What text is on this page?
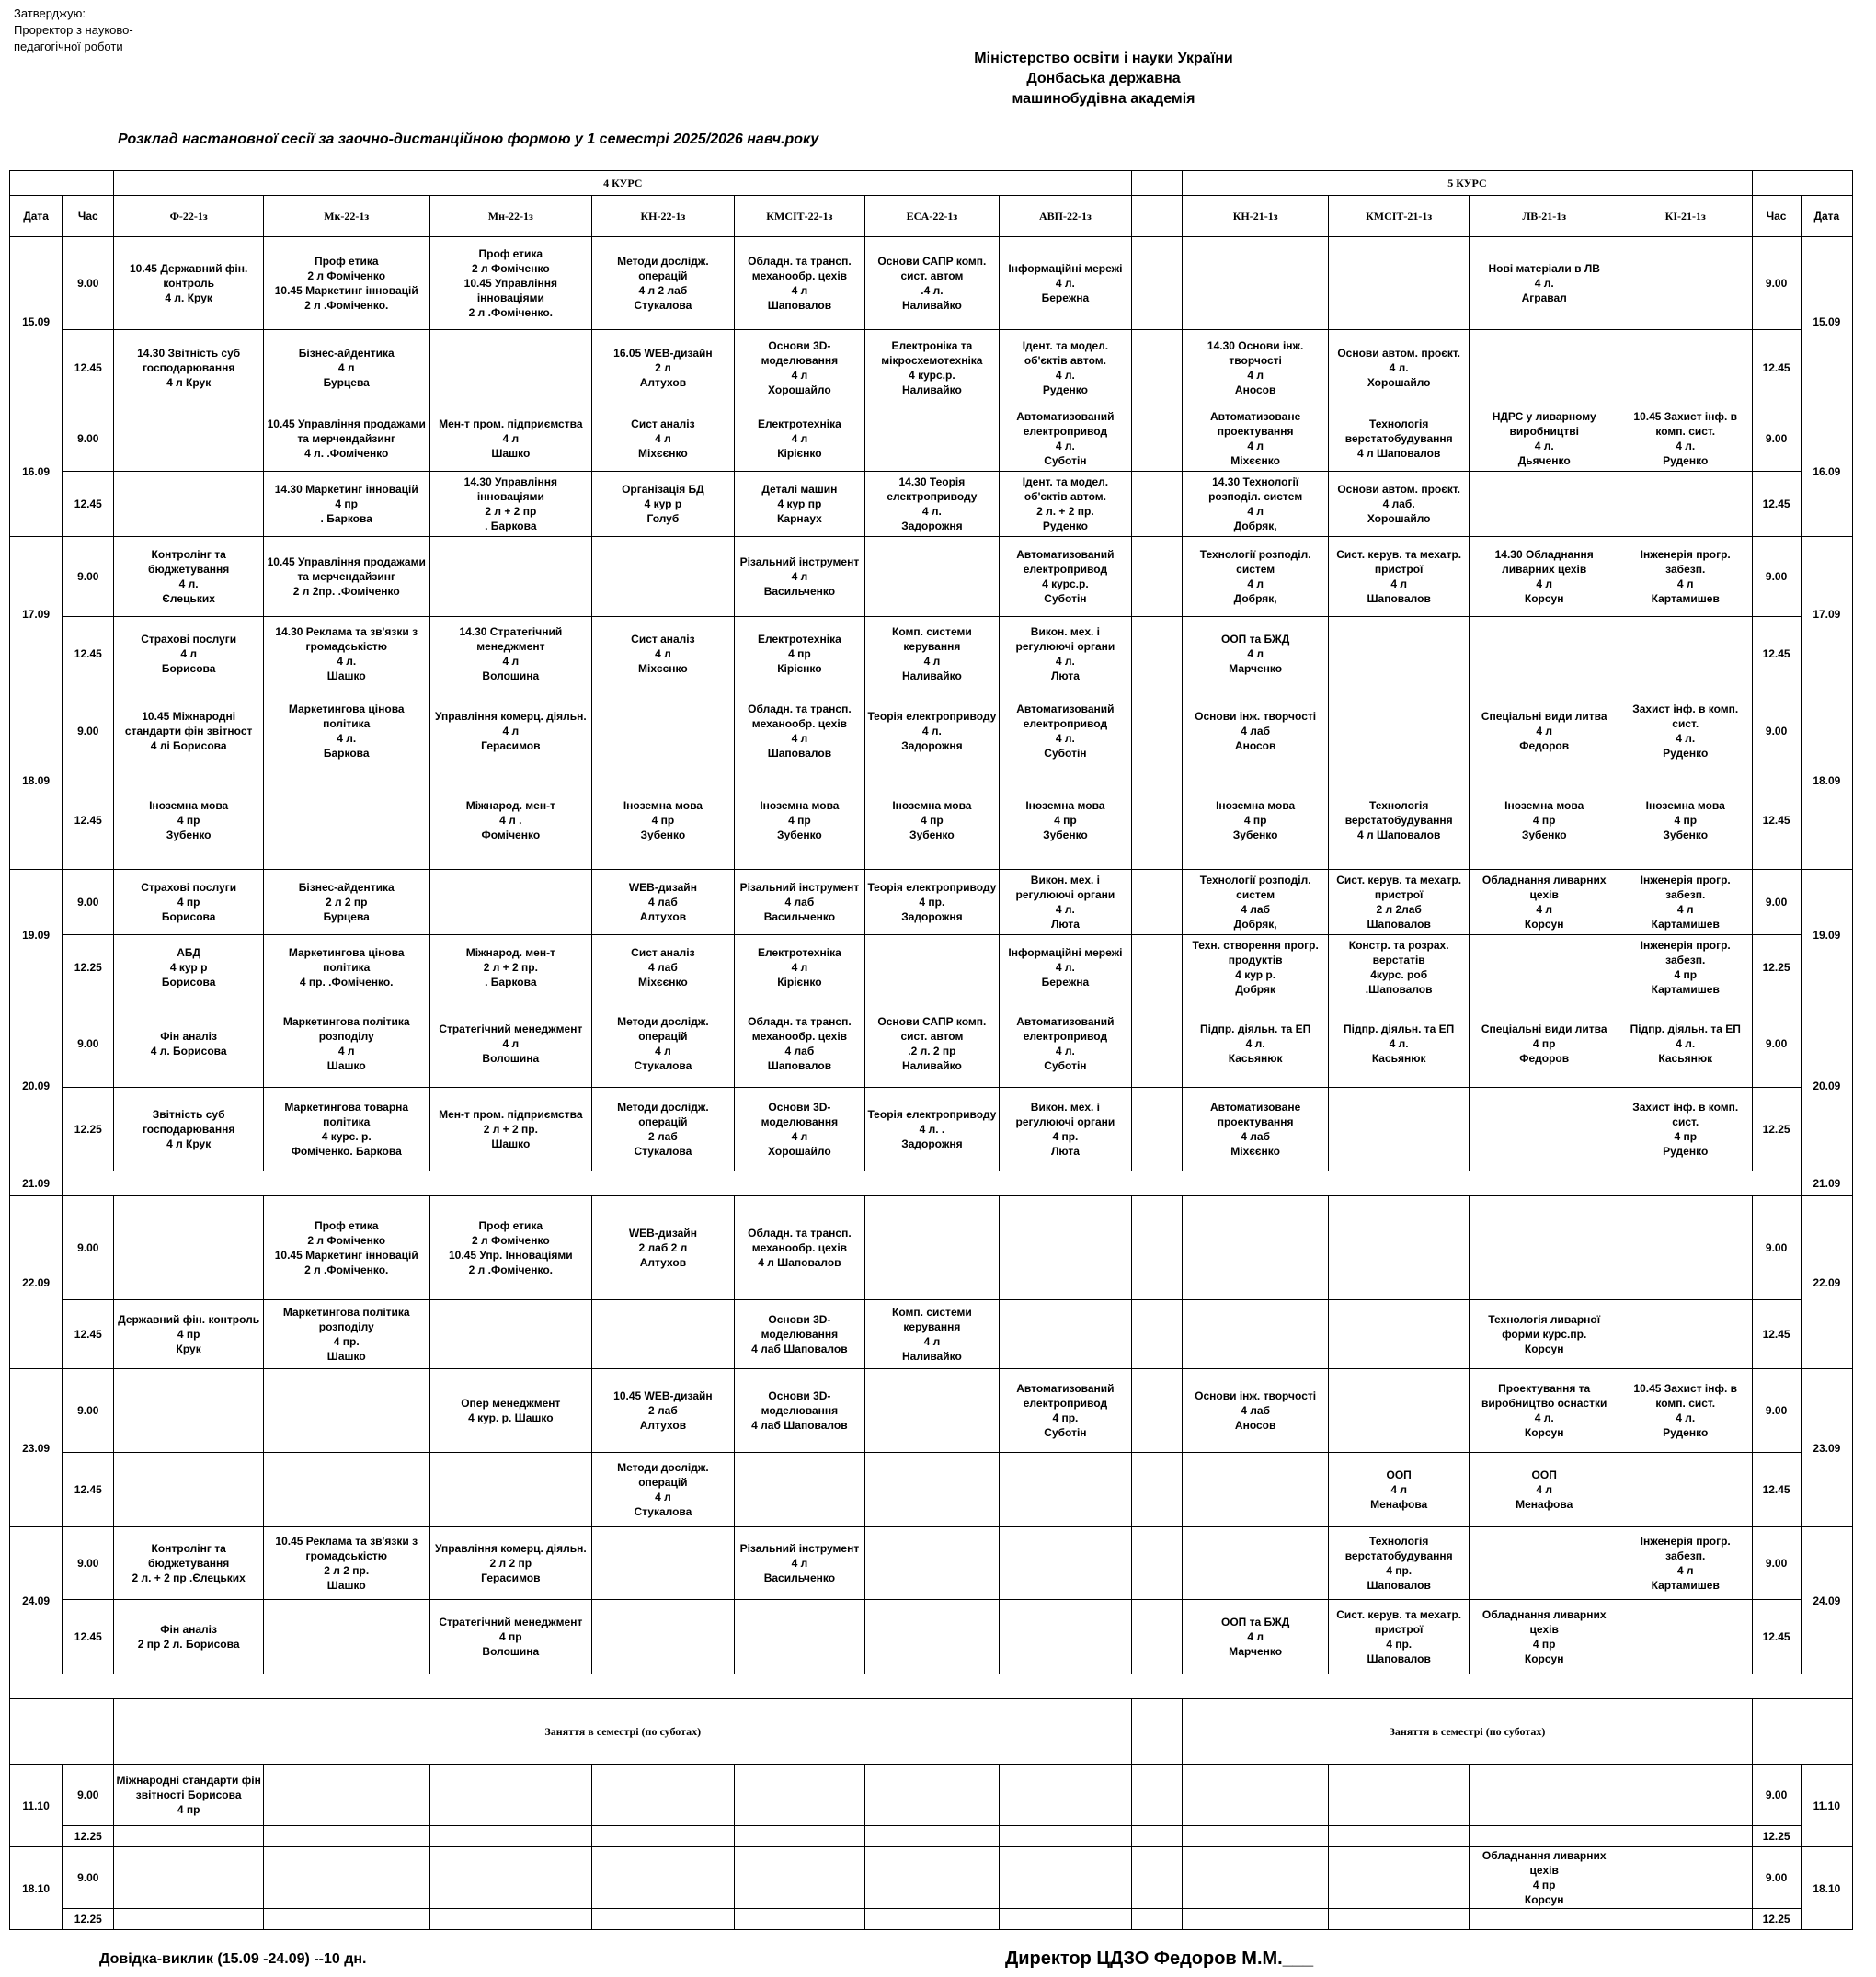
Затверджую:
Проректор з науково-
педагогічної роботи
Міністерство освіти і науки України
Донбаська державна
машинобудівна академія
Розклад настановної сесії за заочно-дистанційною формою у 1 семестрі 2025/2026 навч.року
		4 КУРС								5 КУРС					
Дата	Час	Ф-22-1з	Мк-22-1з	Мн-22-1з	КН-22-1з	КМСІТ-22-1з	ЕСА-22-1з	АВП-22-1з		КН-21-1з	КМСІТ-21-1з	ЛВ-21-1з	КІ-21-1з	Час	Дата
15.09	9.00	10.45 Державний фін. контроль
4 л. Крук	Проф етика
2 л Фоміченко
10.45 Маркетинг інновацій
2 л .Фоміченко.	Проф етика
2 л Фоміченко
10.45 Управління інноваціями
2 л .Фоміченко.	Методи дослідж. операцій
4 л 2 лаб
Стукалова	Обладн. та трансп. механообр. цехів
4 л
Шаповалов	Основи САПР комп. сист. автом
.4 л.
Наливайко	Інформаційні мережі
4 л.
Бережна				Нові матеріали в ЛВ
4 л.
Агравал		9.00	15.09
	12.45	14.30 Звітність суб господарювання
4 л Крук	Бізнес-айдентика
4 л
Бурцева		16.05 WEB-дизайн
2 л
Алтухов	Основи 3D-моделювання
4 л
Хорошайло	Електроніка та мікросхемотехніка
4 курс.р.
Наливайко	Ідент. та модел. об'єктів автом.
4 л.
Руденко		14.30 Основи інж. творчості
4 л
Аносов	Основи автом. проєкт.
4 л.
Хорошайло			12.45	
16.09	9.00		10.45 Управління продажами та мерчендайзинг
4 л. .Фоміченко	Мен-т пром. підприємства
4 л
Шашко	Сист аналіз
4 л
Міхєєнко	Електротехніка
4 л
Кірієнко		Автоматизований електропривод
4 л.
Суботін		Автоматизоване проектування
4 л
Міхєєнко	Технологія верстатобудування
4 л Шаповалов	НДРС у ливарному виробництві
4 л.
Дьяченко	10.45 Захист інф. в комп. сист.
4 л.
Руденко	9.00	16.09
	12.45		14.30 Маркетинг інновацій
4 пр
. Баркова	14.30 Управління інноваціями
2 л + 2 пр
. Баркова	Організація БД
4 кур р
Голуб	Деталі машин
4 кур пр
Карнаух	14.30 Теорія електроприводу
4 л.
Задорожня	Ідент. та модел. об'єктів автом.
2 л. + 2 пр.
Руденко		14.30 Технології розподіл. систем
4 л
Добряк,	Основи автом. проєкт.
4 лаб.
Хорошайло			12.45	
17.09	9.00	Контролінг та бюджетування
4 л.
Єлецьких	10.45 Управління продажами та мерчендайзинг
2 л 2пр. .Фоміченко			Різальний інструмент
4 л
Васильченко		Автоматизований електропривод
4 курс.р.
Суботін		Технології розподіл. систем
4 л
Добряк,	Сист. керув. та мехатр. пристрої
4 л
Шаповалов	14.30 Обладнання ливарних цехів
4 л
Корсун	Інженерія прогр. забезп.
4 л
Картамишев	9.00	17.09
	12.45	Страхові послуги
4 л
Борисова	14.30 Реклама та зв'язки з громадськістю
4 л.
Шашко	14.30 Стратегічний менеджмент
4 л
Волошина	Сист аналіз
4 л
Міхєєнко	Електротехніка
4 пр
Кірієнко	Комп. системи керування
4 л
Наливайко	Викон. мех. і регулюючі органи
4 л.
Люта		ООП та БЖД
4 л
Марченко				12.45	
18.09	9.00	10.45 Міжнародні стандарти фін звітност
4 лі Борисова	Маркетингова цінова політика
4 л.
Баркова	Управління комерц. діяльн.
4 л
Герасимов		Обладн. та трансп. механообр. цехів
4 л
Шаповалов	Теорія електроприводу
4 л.
Задорожня	Автоматизований електропривод
4 л.
Суботін		Основи інж. творчості
4 лаб
Аносов		Спеціальні види литва
4 л
Федоров	Захист інф. в комп. сист.
4 л.
Руденко	9.00	18.09
	12.45	Іноземна мова
4 пр
Зубенко		Міжнарод. мен-т
4 л .
Фоміченко	Іноземна мова
4 пр
Зубенко	Іноземна мова
4 пр
Зубенко	Іноземна мова
4 пр
Зубенко	Іноземна мова
4 пр
Зубенко		Іноземна мова
4 пр
Зубенко	Технологія верстатобудування
4 л Шаповалов	Іноземна мова
4 пр
Зубенко	Іноземна мова
4 пр
Зубенко	12.45	
19.09	9.00	Страхові послуги
4 пр
Борисова	Бізнес-айдентика
2 л 2 пр
Бурцева		WEB-дизайн
4 лаб
Алтухов	Різальний інструмент
4 лаб
Васильченко	Теорія електроприводу
4 пр.
Задорожня	Викон. мех. і регулюючі органи
4 л.
Люта		Технології розподіл. систем
4 лаб
Добряк,	Сист. керув. та мехатр. пристрої
2 л 2лаб
Шаповалов	Обладнання ливарних цехів
4 л
Корсун	Інженерія прогр. забезп.
4 л
Картамишев	9.00	19.09
	12.25	АБД
4 кур р
Борисова	Маркетингова цінова політика
4 пр. .Фоміченко.	Міжнарод. мен-т
2 л + 2 пр.
. Баркова	Сист аналіз
4 лаб
Міхєєнко	Електротехніка
4 л
Кірієнко		Інформаційні мережі
4 л.
Бережна		Техн. створення прогр. продуктів
4 кур р.
Добряк	Констр. та розрах. верстатів
4курс. роб
.Шаповалов		Інженерія прогр. забезп.
4 пр
Картамишев	12.25	
20.09	9.00	Фін аналіз
4 л. Борисова	Маркетингова політика розподілу
4 л
Шашко	Стратегічний менеджмент
4 л
Волошина	Методи дослідж. операцій
4 л
Стукалова	Обладн. та трансп. механообр. цехів
4 лаб
Шаповалов	Основи САПР комп. сист. автом
.2 л. 2 пр
Наливайко	Автоматизований електропривод
4 л.
Суботін		Підпр. діяльн. та ЕП
4 л.
Касьянюк	Підпр. діяльн. та ЕП
4 л.
Касьянюк	Спеціальні види литва
4 пр
Федоров	Підпр. діяльн. та ЕП
4 л.
Касьянюк	9.00	20.09
	12.25	Звітність суб господарювання
4 л Крук	Маркетингова товарна політика
4 курс. р.
Фоміченко. Баркова	Мен-т пром. підприємства
2 л + 2 пр.
Шашко	Методи дослідж. операцій
2 лаб
Стукалова	Основи 3D-моделювання
4 л
Хорошайло	Теорія електроприводу
4 л. .
Задорожня	Викон. мех. і регулюючі органи
4 пр.
Люта		Автоматизоване проектування
4 лаб
Міхєєнко			Захист інф. в комп. сист.
4 пр
Руденко	12.25	
21.09															21.09
22.09	9.00		Проф етика
2 л Фоміченко
10.45 Маркетинг інновацій
2 л .Фоміченко.	Проф етика
2 л Фоміченко
10.45 Упр. Інноваціями
2 л .Фоміченко.	WEB-дизайн
2 лаб 2 л
Алтухов	Обладн. та трансп. механообр. цехів
4 л Шаповалов								9.00	22.09
	12.45	Державний фін. контроль
4 пр
Крук	Маркетингова політика розподілу
4 пр.
Шашко			Основи 3D-моделювання
4 лаб Шаповалов	Комп. системи керування
4 л
Наливайко					Технологія ливарної форми курс.пр.
Корсун		12.45	
23.09	9.00			Опер менеджмент
4 кур. р. Шашко	10.45 WEB-дизайн
2 лаб
Алтухов	Основи 3D-моделювання
4 лаб Шаповалов		Автоматизований електропривод
4 пр.
Суботін		Основи інж. творчості
4 лаб
Аносов		Проектування та виробництво оснастки
4 л.
Корсун	10.45 Захист інф. в комп. сист.
4 л.
Руденко	9.00	23.09
	12.45				Методи дослідж. операцій
4 л
Стукалова						ООП
4 л
Менафова	ООП
4 л
Менафова		12.45	
24.09	9.00	Контролінг та бюджетування
2 л. + 2 пр .Єлецьких	10.45 Реклама та зв'язки з громадськістю
2 л 2 пр.
Шашко	Управління комерц. діяльн.
2 л 2 пр
Герасимов		Різальний інструмент
4 л
Васильченко					Технологія верстатобудування
4 пр.
Шаповалов		Інженерія прогр. забезп.
4 л
Картамишев	9.00	24.09
	12.45	Фін аналіз
2 пр 2 л. Борисова		Стратегічний менеджмент
4 пр
Волошина						ООП та БЖД
4 л
Марченко	Сист. керув. та мехатр. пристрої
4 пр.
Шаповалов	Обладнання ливарних цехів
4 пр
Корсун		12.45	

		Заняття в семестрі (по суботах)								Заняття в семестрі (по суботах)					
11.10	9.00	Міжнародні стандарти фін звітності Борисова
4 пр												9.00	11.10
	12.25													12.25	
18.10	9.00											Обладнання ливарних цехів
4 пр
Корсун		9.00	18.10
	12.25													12.25	
Довідка-виклик (15.09 -24.09) --10 дн.	Директор ЦДЗО Федоров М.М.___
